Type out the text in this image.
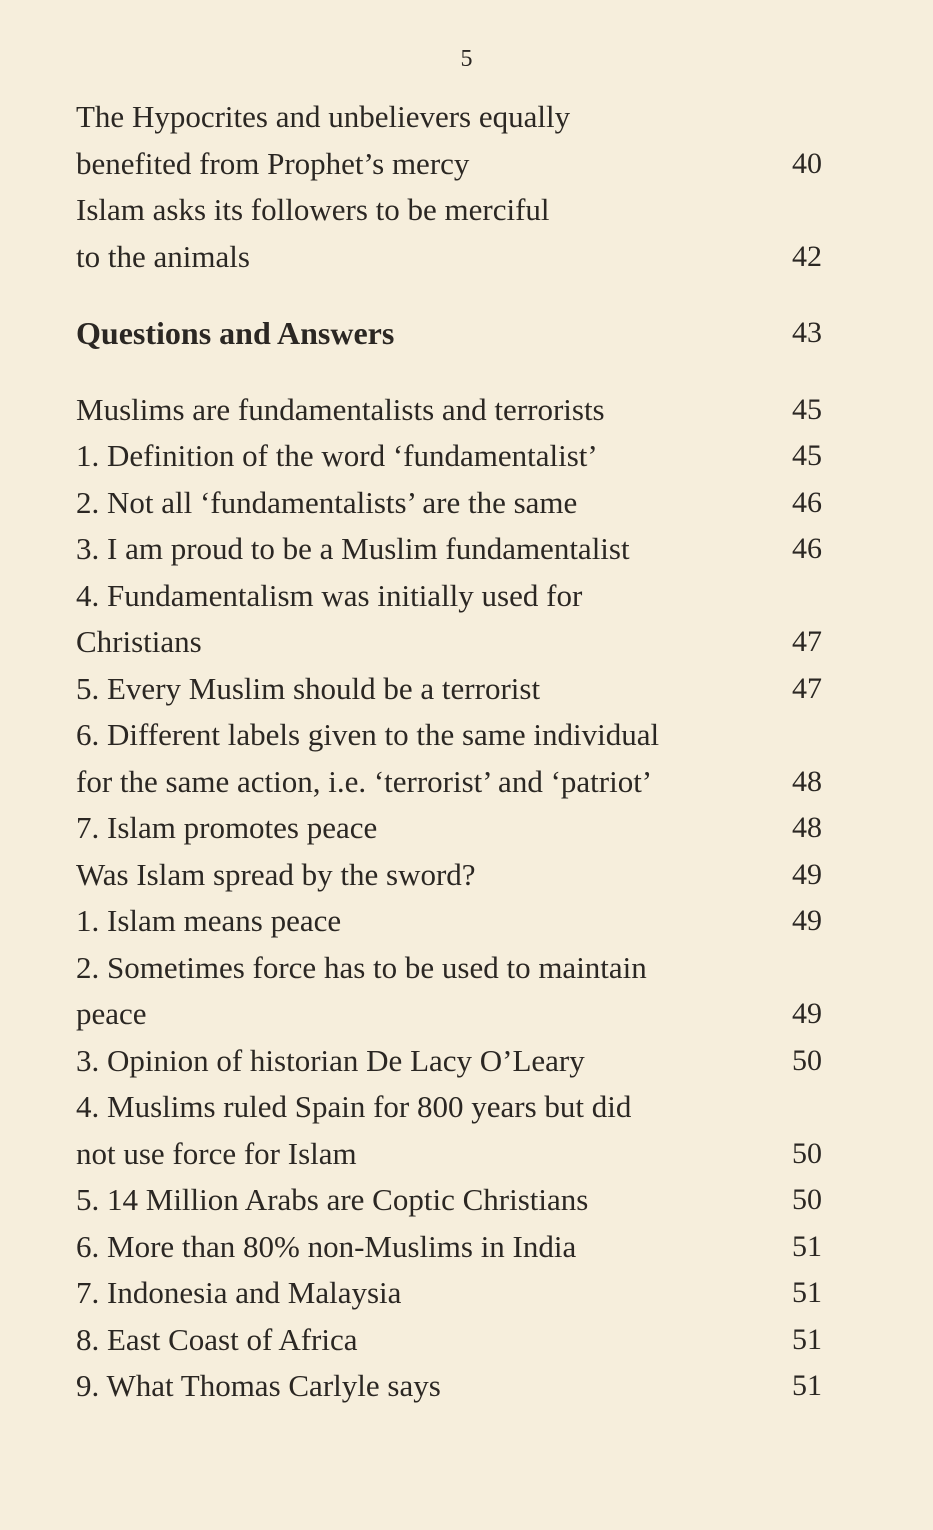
5
The Hypocrites and unbelievers equally
benefited from Prophet’s mercy	40
Islam asks its followers to be merciful
to the animals	42
Questions and Answers	43
Muslims are fundamentalists and terrorists	45
1. Definition of the word ‘fundamentalist’	45
2. Not all ‘fundamentalists’ are the same	46
3. I am proud to be a Muslim fundamentalist	46
4. Fundamentalism was initially used for
Christians	47
5. Every Muslim should be a terrorist	47
6. Different labels given to the same individual
for the same action, i.e. ‘terrorist’ and ‘patriot’	48
7. Islam promotes peace	48
Was Islam spread by the sword?	49
1. Islam means peace	49
2. Sometimes force has to be used to maintain
peace	49
3. Opinion of historian De Lacy O’Leary	50
4. Muslims ruled Spain for 800 years but did
not use force for Islam	50
5. 14 Million Arabs are Coptic Christians	50
6. More than 80% non-Muslims in India	51
7. Indonesia and Malaysia	51
8. East Coast of Africa	51
9. What Thomas Carlyle says	51
